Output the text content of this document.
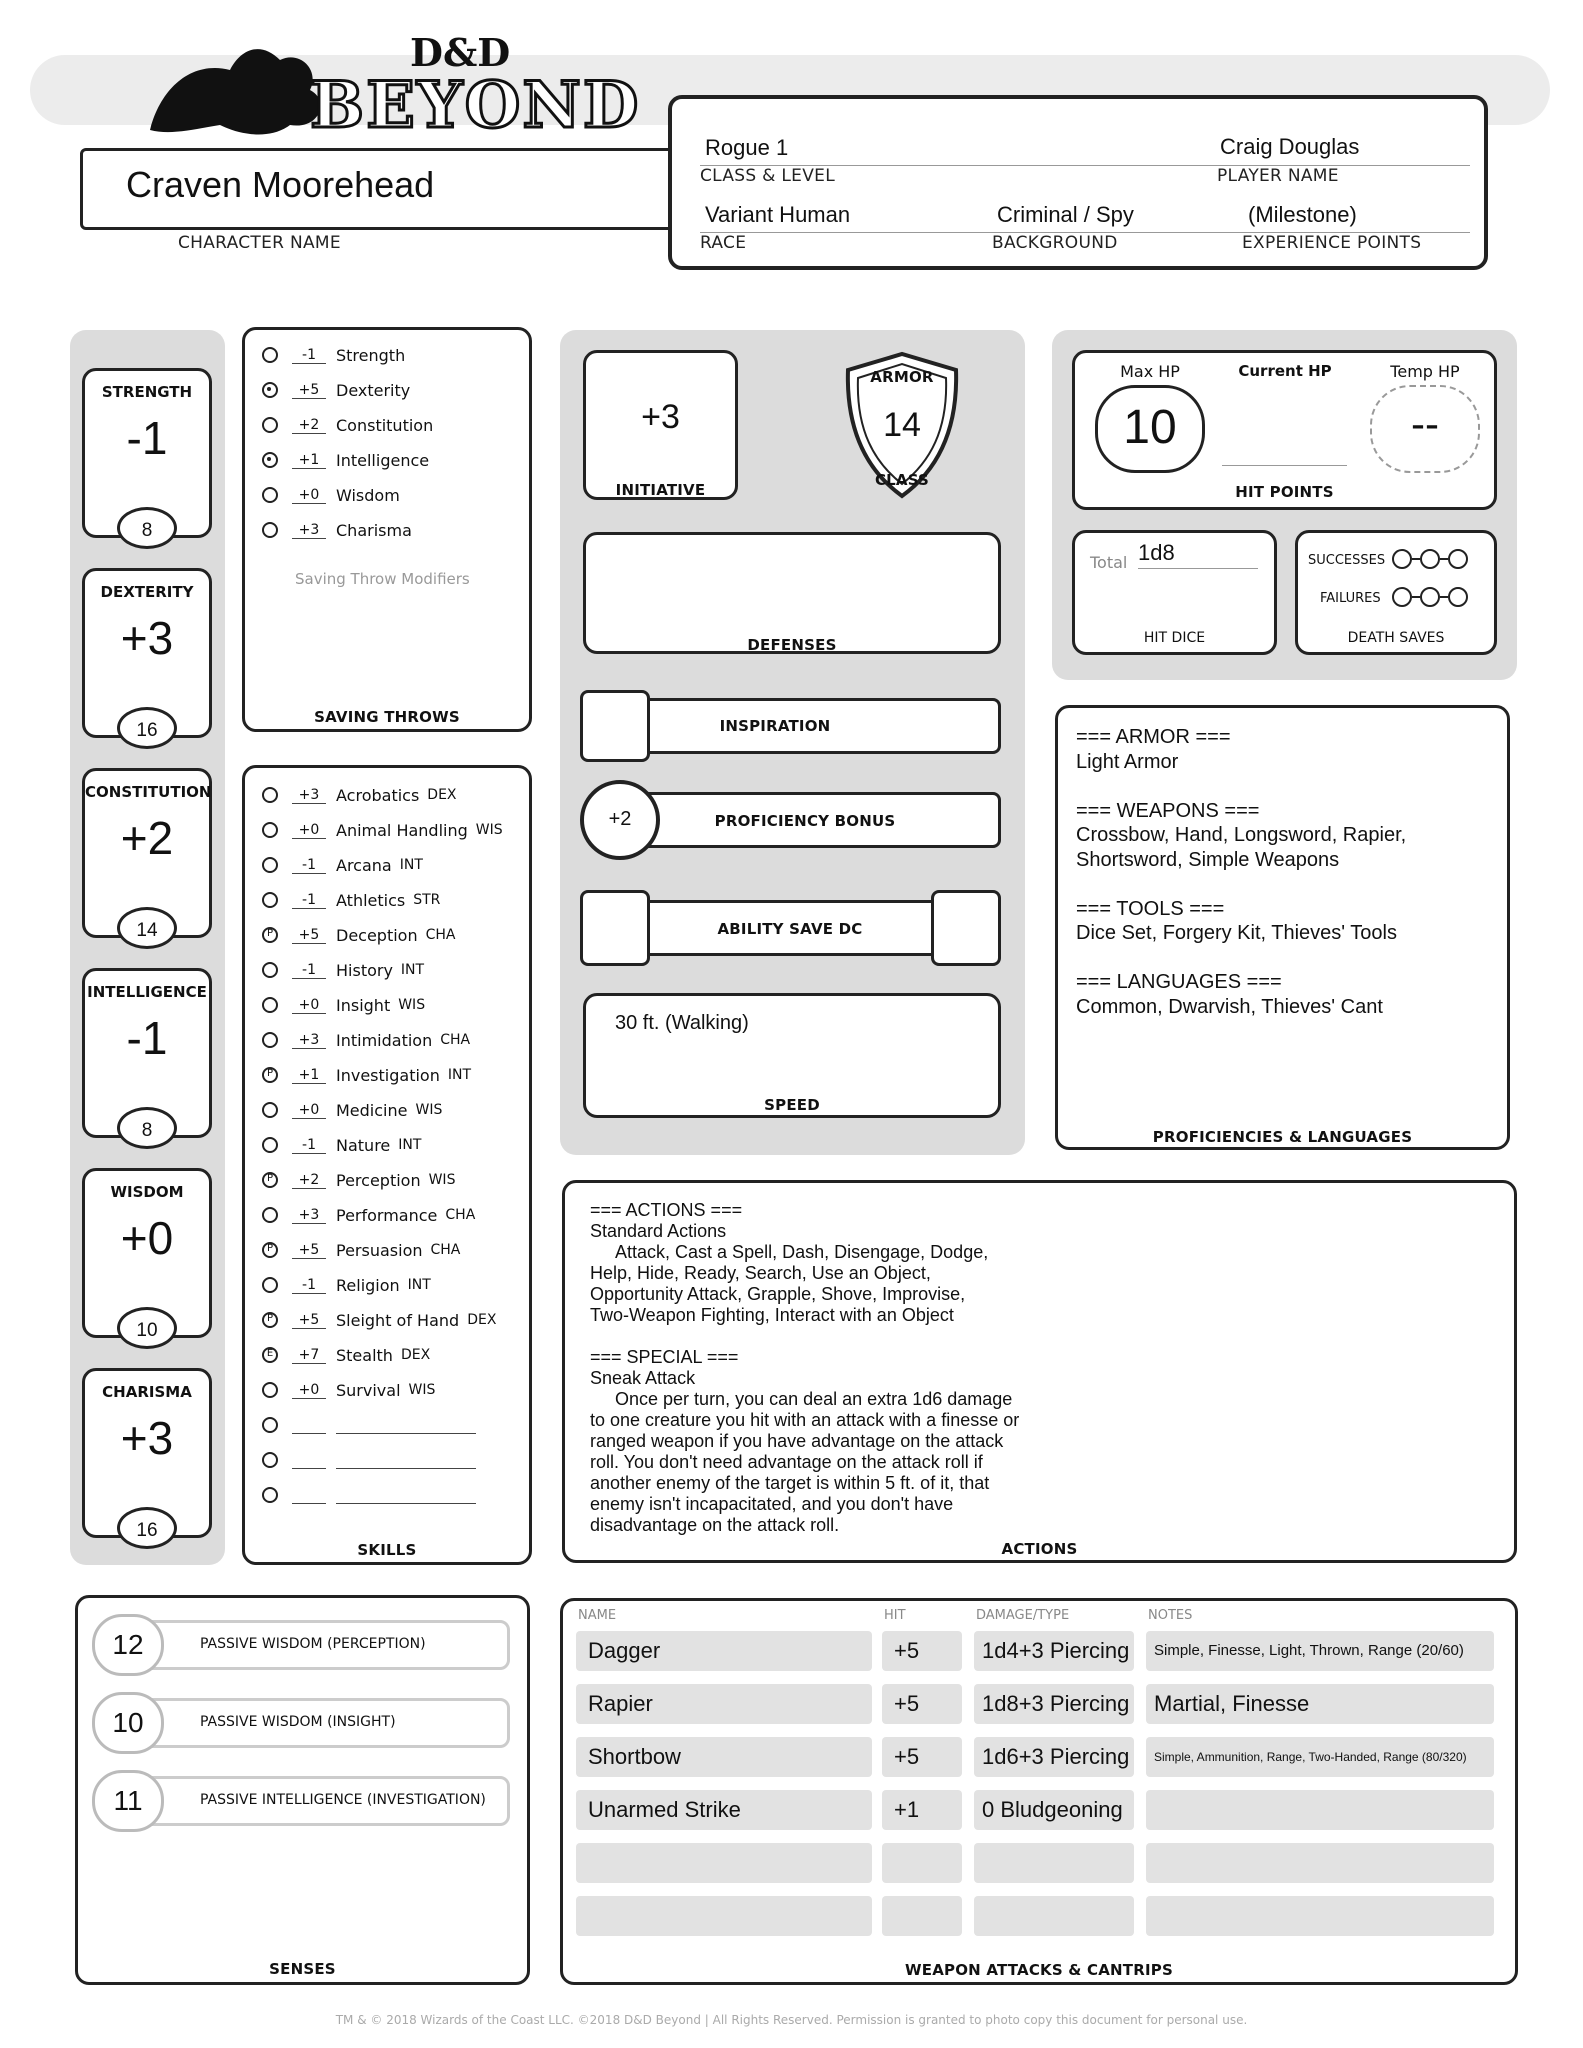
D&D
BEYOND
Craven Moorehead
CHARACTER NAME
Rogue 1
CLASS & LEVEL
Craig Douglas
PLAYER NAME
Variant Human
RACE
Criminal / Spy
BACKGROUND
(Milestone)
EXPERIENCE POINTS
STRENGTH
-1
8
DEXTERITY
+3
16
CONSTITUTION
+2
14
INTELLIGENCE
-1
8
WISDOM
+0
10
CHARISMA
+3
16
-1	Strength
+5	Dexterity
+2	Constitution
+1	Intelligence
+0	Wisdom
+3	Charisma
Saving Throw Modifiers
SAVING THROWS
+3	Acrobatics DEX
+0	Animal Handling WIS
-1	Arcana INT
-1	Athletics STR
P	+5	Deception CHA
-1	History INT
+0	Insight WIS
+3	Intimidation CHA
P	+1	Investigation INT
+0	Medicine WIS
-1	Nature INT
P	+2	Perception WIS
+3	Performance CHA
P	+5	Persuasion CHA
-1	Religion INT
P	+5	Sleight of Hand DEX
E	+7	Stealth DEX
+0	Survival WIS
SKILLS
+3
INITIATIVE
ARMOR
14
CLASS
DEFENSES
INSPIRATION
+2	PROFICIENCY BONUS
ABILITY SAVE DC
30 ft. (Walking)
SPEED
Max HP
10
Current HP	Temp HP
--
HIT POINTS
Total 1d8
HIT DICE
SUCCESSES
FAILURES
DEATH SAVES
=== ARMOR ===
Light Armor

=== WEAPONS ===
Crossbow, Hand, Longsword, Rapier,
Shortsword, Simple Weapons

=== TOOLS ===
Dice Set, Forgery Kit, Thieves' Tools

=== LANGUAGES ===
Common, Dwarvish, Thieves' Cant
PROFICIENCIES & LANGUAGES
=== ACTIONS ===
Standard Actions
Attack, Cast a Spell, Dash, Disengage, Dodge,
Help, Hide, Ready, Search, Use an Object,
Opportunity Attack, Grapple, Shove, Improvise,
Two-Weapon Fighting, Interact with an Object

=== SPECIAL ===
Sneak Attack
Once per turn, you can deal an extra 1d6 damage
to one creature you hit with an attack with a finesse or
ranged weapon if you have advantage on the attack
roll. You don't need advantage on the attack roll if
another enemy of the target is within 5 ft. of it, that
enemy isn't incapacitated, and you don't have
disadvantage on the attack roll.
ACTIONS
12	PASSIVE WISDOM (PERCEPTION)
10	PASSIVE WISDOM (INSIGHT)
11	PASSIVE INTELLIGENCE (INVESTIGATION)
SENSES
NAME	HIT	DAMAGE/TYPE	NOTES
Dagger	+5	1d4+3 Piercing	Simple, Finesse, Light, Thrown, Range (20/60)
Rapier	+5	1d8+3 Piercing	Martial, Finesse
Shortbow	+5	1d6+3 Piercing	Simple, Ammunition, Range, Two-Handed, Range (80/320)
Unarmed Strike	+1	0 Bludgeoning
WEAPON ATTACKS & CANTRIPS
TM & © 2018 Wizards of the Coast LLC. ©2018 D&D Beyond | All Rights Reserved. Permission is granted to photo copy this document for personal use.
